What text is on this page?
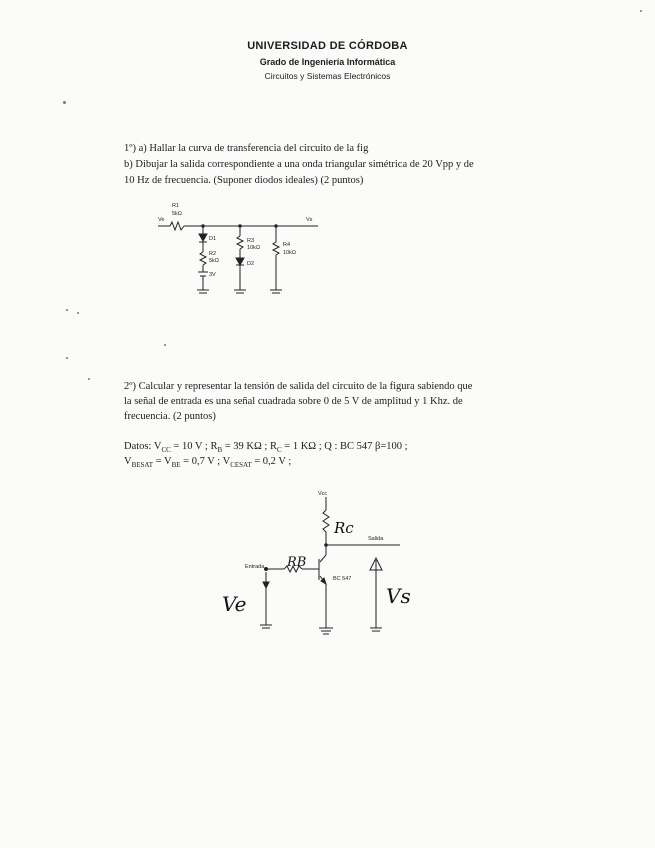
UNIVERSIDAD DE CÓRDOBA
Grado de Ingeniería Informática
Circuitos y Sistemas Electrónicos
1º) a) Hallar la curva de transferencia del circuito de la fig
b) Dibujar la salida correspondiente a una onda triangular simétrica de 20 Vpp y de
10 Hz de frecuencia. (Suponer diodos ideales) (2 puntos)
2º) Calcular y representar la tensión de salida del circuito de la figura sabiendo que
la señal de entrada es una señal cuadrada sobre 0 de 5 V de amplitud y 1 Khz. de
frecuencia. (2 puntos)
Datos: $V_{CC} = 10$ V ; $R_B = 39$ KΩ ; $R_C = 1$ KΩ ; Q : BC 547 β=100 ;
$V_{BESAT} = V_{BE} = 0,7$ V ; $V_{CESAT} = 0,2$ V ;
R1
5kΩ
Ve	Vs
D1
R2
5kΩ
3V
R3
10kΩ
D2
R4
10kΩ
Vcc
Rc
RB
Entrada
Salida
BC 547
Ve	Vs
